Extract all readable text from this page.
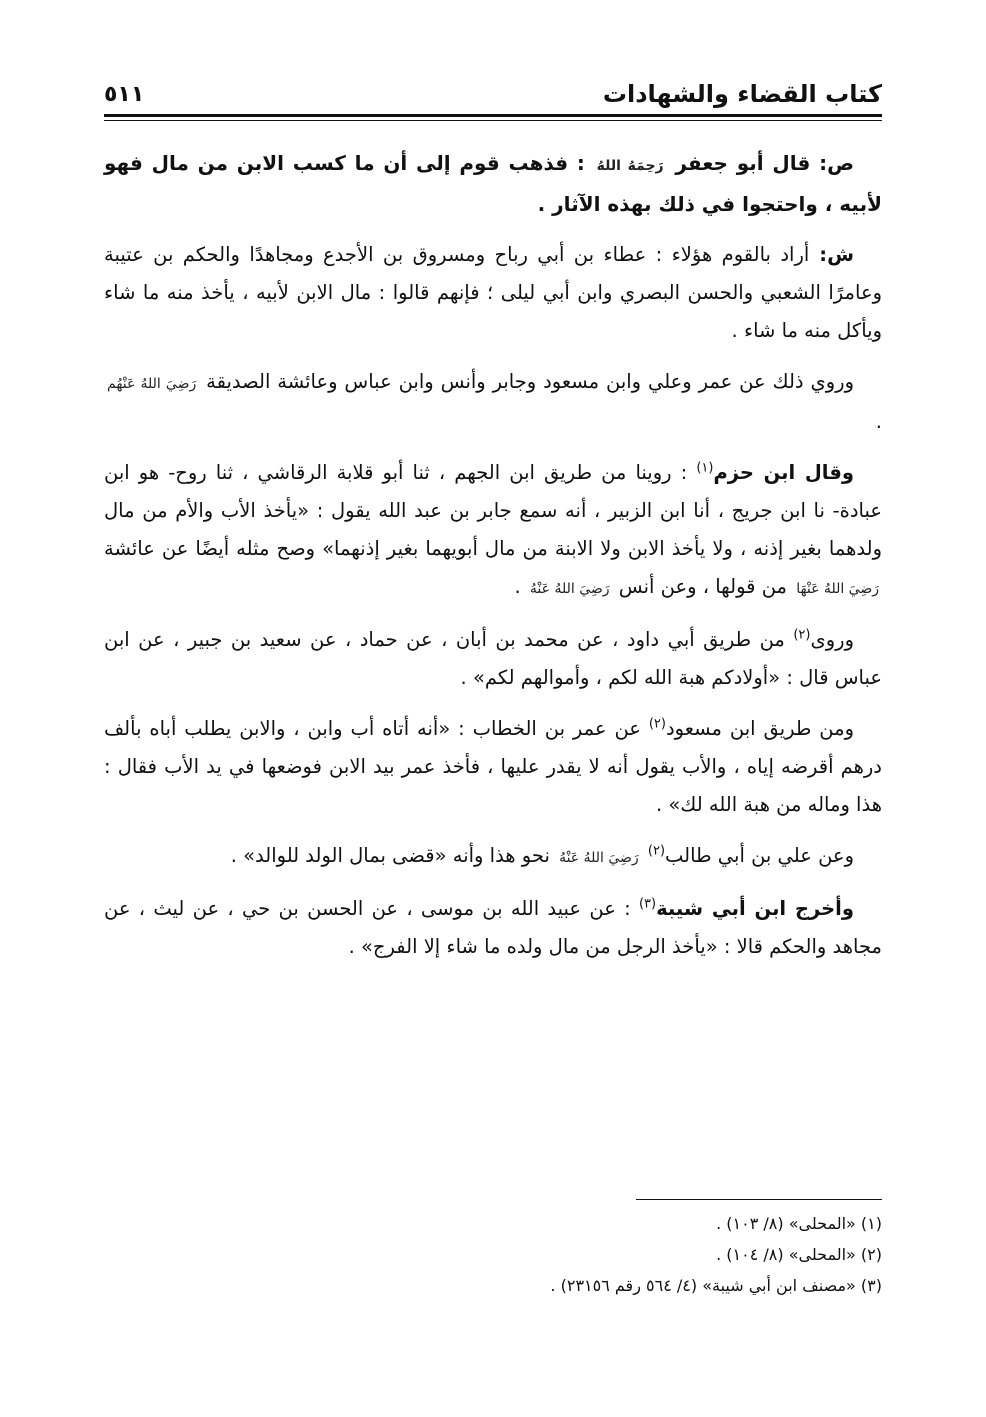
كتاب القضاء والشهادات
٥١١

ص: قال أبو جعفر رَحِمَهُ اللهُ : فذهب قوم إلى أن ما كسب الابن من مال فهو لأبيه ، واحتجوا في ذلك بهذه الآثار .

ش: أراد بالقوم هؤلاء : عطاء بن أبي رباح ومسروق بن الأجدع ومجاهدًا والحكم بن عتيبة وعامرًا الشعبي والحسن البصري وابن أبي ليلى ؛ فإنهم قالوا : مال الابن لأبيه ، يأخذ منه ما شاء ويأكل منه ما شاء .

وروي ذلك عن عمر وعلي وابن مسعود وجابر وأنس وابن عباس وعائشة الصديقة رَضِيَ اللهُ عَنْهُم .

وقال ابن حزم$^{(١)}$ : روينا من طريق ابن الجهم ، ثنا أبو قلابة الرقاشي ، ثنا روح- هو ابن عبادة- نا ابن جريج ، أنا ابن الزبير ، أنه سمع جابر بن عبد الله يقول : «يأخذ الأب والأم من مال ولدهما بغير إذنه ، ولا يأخذ الابن ولا الابنة من مال أبويهما بغير إذنهما» وصح مثله أيضًا عن عائشة رَضِيَ اللهُ عَنْهَا من قولها ، وعن أنس رَضِيَ اللهُ عَنْهُ .

وروى$^{(٢)}$ من طريق أبي داود ، عن محمد بن أبان ، عن حماد ، عن سعيد بن جبير ، عن ابن عباس قال : «أولادكم هبة الله لكم ، وأموالهم لكم» .

ومن طريق ابن مسعود$^{(٢)}$ عن عمر بن الخطاب : «أنه أتاه أب وابن ، والابن يطلب أباه بألف درهم أقرضه إياه ، والأب يقول أنه لا يقدر عليها ، فأخذ عمر بيد الابن فوضعها في يد الأب فقال : هذا وماله من هبة الله لك» .

وعن علي بن أبي طالب$^{(٢)}$ رَضِيَ اللهُ عَنْهُ نحو هذا وأنه «قضى بمال الولد للوالد» .

وأخرج ابن أبي شيبة$^{(٣)}$ : عن عبيد الله بن موسى ، عن الحسن بن حي ، عن ليث ، عن مجاهد والحكم قالا : «يأخذ الرجل من مال ولده ما شاء إلا الفرج» .

(١) «المحلى» (٨/ ١٠٣) .

(٢) «المحلى» (٨/ ١٠٤) .

(٣) «مصنف ابن أبي شيبة» (٤/ ٥٦٤ رقم ٢٣١٥٦) .
